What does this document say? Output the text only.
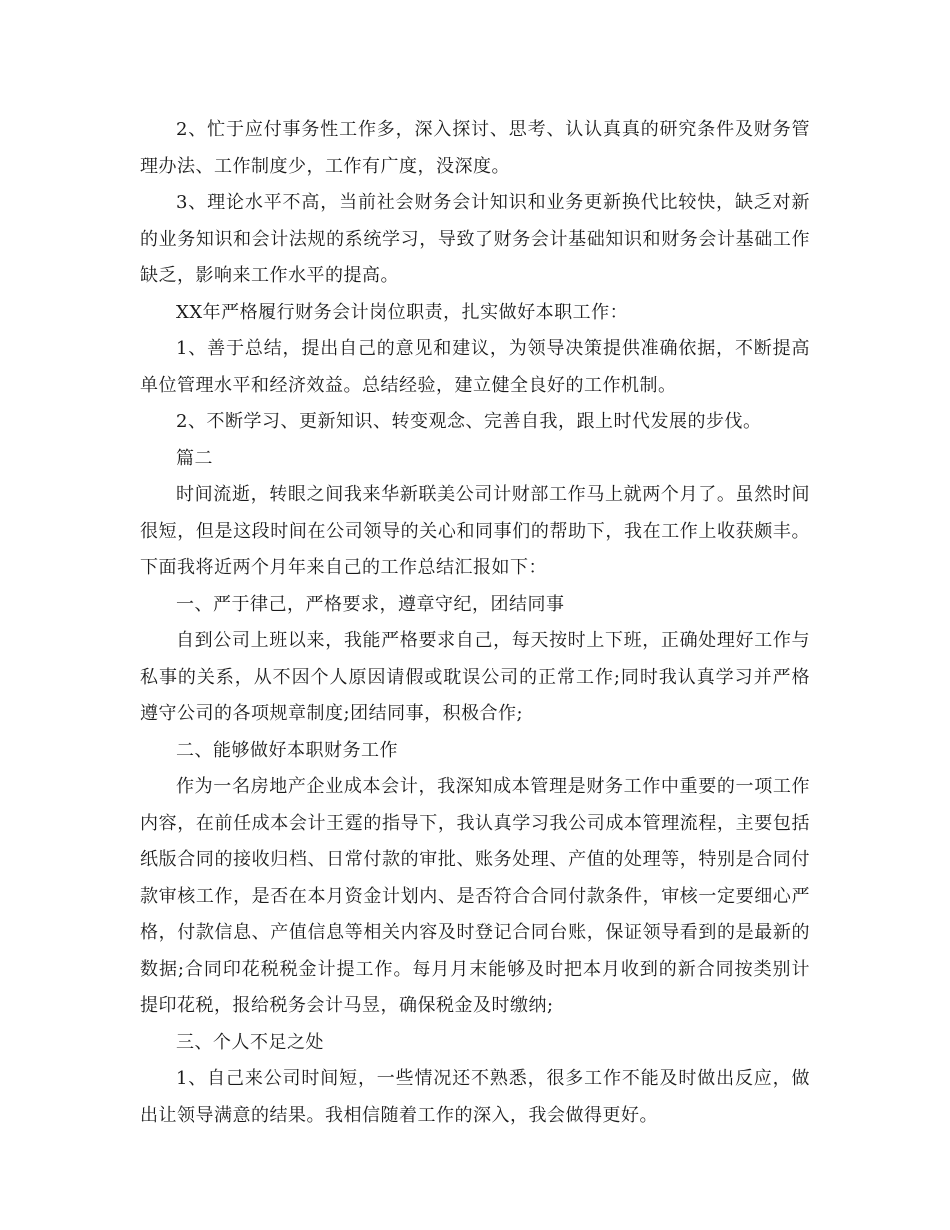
2、忙于应付事务性工作多，深入探讨、思考、认认真真的研究条件及财务管理办法、工作制度少，工作有广度，没深度。

3、理论水平不高，当前社会财务会计知识和业务更新换代比较快，缺乏对新的业务知识和会计法规的系统学习，导致了财务会计基础知识和财务会计基础工作缺乏，影响来工作水平的提高。

XX年严格履行财务会计岗位职责，扎实做好本职工作：

1、善于总结，提出自己的意见和建议，为领导决策提供准确依据，不断提高单位管理水平和经济效益。总结经验，建立健全良好的工作机制。

2、不断学习、更新知识、转变观念、完善自我，跟上时代发展的步伐。

篇二

时间流逝，转眼之间我来华新联美公司计财部工作马上就两个月了。虽然时间很短，但是这段时间在公司领导的关心和同事们的帮助下，我在工作上收获颇丰。下面我将近两个月年来自己的工作总结汇报如下：

一、严于律己，严格要求，遵章守纪，团结同事

自到公司上班以来，我能严格要求自己，每天按时上下班，正确处理好工作与私事的关系，从不因个人原因请假或耽误公司的正常工作;同时我认真学习并严格遵守公司的各项规章制度;团结同事，积极合作;

二、能够做好本职财务工作

作为一名房地产企业成本会计，我深知成本管理是财务工作中重要的一项工作内容，在前任成本会计王霆的指导下，我认真学习我公司成本管理流程，主要包括纸版合同的接收归档、日常付款的审批、账务处理、产值的处理等，特别是合同付款审核工作，是否在本月资金计划内、是否符合合同付款条件，审核一定要细心严格，付款信息、产值信息等相关内容及时登记合同台账，保证领导看到的是最新的数据;合同印花税税金计提工作。每月月末能够及时把本月收到的新合同按类别计提印花税，报给税务会计马昱，确保税金及时缴纳;

三、个人不足之处

1、自己来公司时间短，一些情况还不熟悉，很多工作不能及时做出反应，做出让领导满意的结果。我相信随着工作的深入，我会做得更好。
